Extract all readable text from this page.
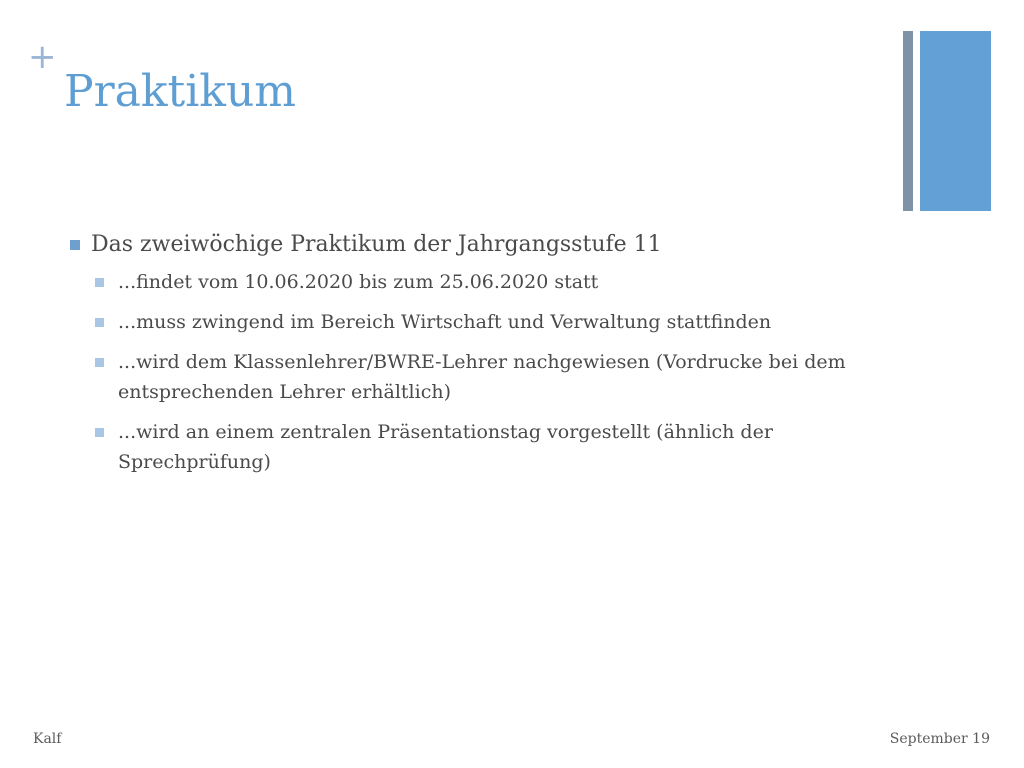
+
Praktikum
Das zweiwöchige Praktikum der Jahrgangsstufe 11
...findet vom 10.06.2020 bis zum 25.06.2020 statt
...muss zwingend im Bereich Wirtschaft und Verwaltung stattfinden
...wird dem Klassenlehrer/BWRE-Lehrer nachgewiesen (Vordrucke bei dem entsprechenden Lehrer erhältlich)
...wird an einem zentralen Präsentationstag vorgestellt (ähnlich der Sprechprüfung)
Kalf	September 19
